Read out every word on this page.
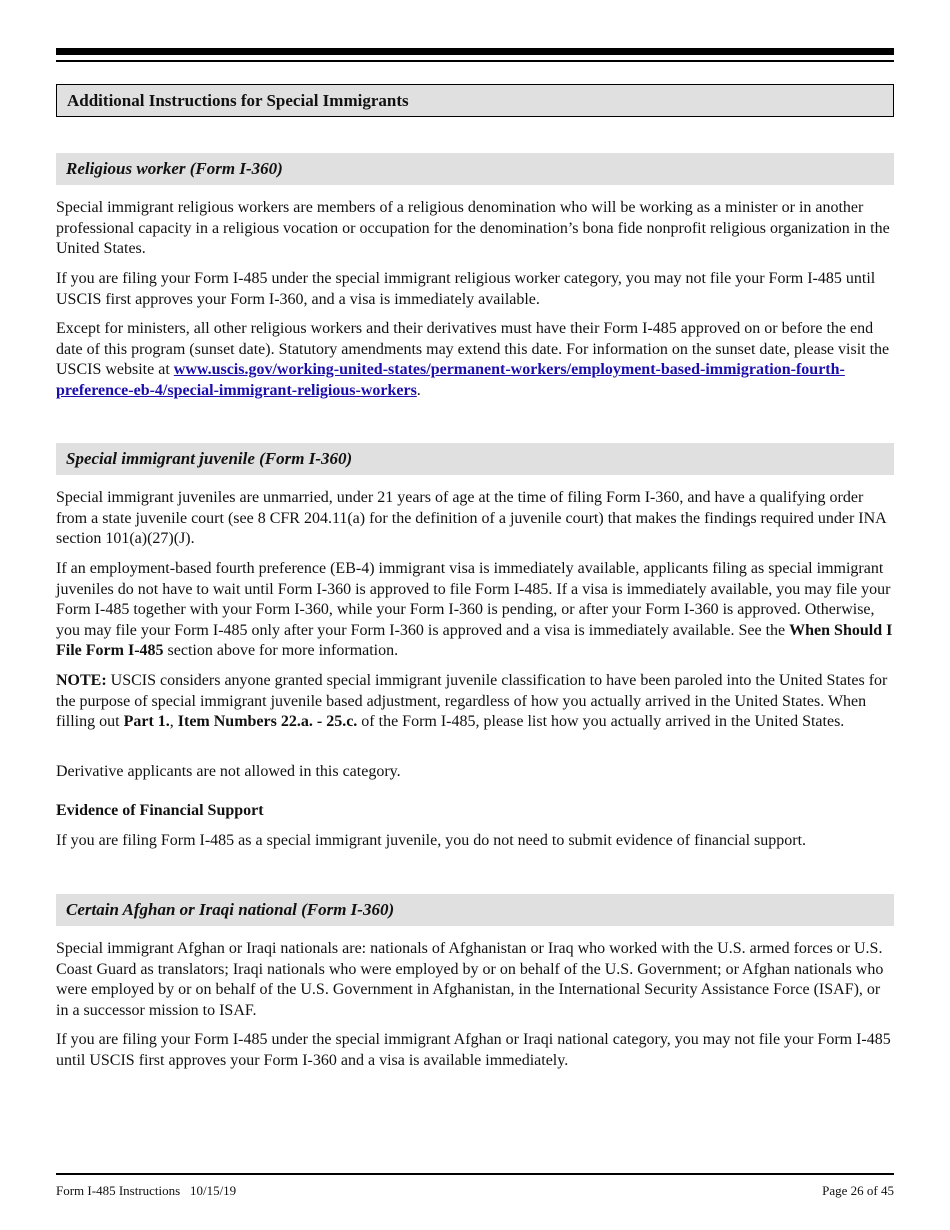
Additional Instructions for Special Immigrants
Religious worker (Form I-360)

Special immigrant religious workers are members of a religious denomination who will be working as a minister or in another professional capacity in a religious vocation or occupation for the denomination’s bona fide nonprofit religious organization in the United States.

If you are filing your Form I-485 under the special immigrant religious worker category, you may not file your Form I-485 until USCIS first approves your Form I-360, and a visa is immediately available.

Except for ministers, all other religious workers and their derivatives must have their Form I-485 approved on or before the end date of this program (sunset date). Statutory amendments may extend this date. For information on the sunset date, please visit the USCIS website at www.uscis.gov/working-united-states/permanent-workers/employment-based-immigration-fourth-preference-eb-4/special-immigrant-religious-workers.

Special immigrant juvenile (Form I-360)

Special immigrant juveniles are unmarried, under 21 years of age at the time of filing Form I-360, and have a qualifying order from a state juvenile court (see 8 CFR 204.11(a) for the definition of a juvenile court) that makes the findings required under INA section 101(a)(27)(J).

If an employment-based fourth preference (EB-4) immigrant visa is immediately available, applicants filing as special immigrant juveniles do not have to wait until Form I-360 is approved to file Form I-485. If a visa is immediately available, you may file your Form I-485 together with your Form I-360, while your Form I-360 is pending, or after your Form I-360 is approved. Otherwise, you may file your Form I-485 only after your Form I-360 is approved and a visa is immediately available. See the When Should I File Form I-485 section above for more information.

NOTE: USCIS considers anyone granted special immigrant juvenile classification to have been paroled into the United States for the purpose of special immigrant juvenile based adjustment, regardless of how you actually arrived in the United States. When filling out Part 1., Item Numbers 22.a. - 25.c. of the Form I-485, please list how you actually arrived in the United States.

Derivative applicants are not allowed in this category.

Evidence of Financial Support

If you are filing Form I-485 as a special immigrant juvenile, you do not need to submit evidence of financial support.

Certain Afghan or Iraqi national (Form I-360)

Special immigrant Afghan or Iraqi nationals are: nationals of Afghanistan or Iraq who worked with the U.S. armed forces or U.S. Coast Guard as translators; Iraqi nationals who were employed by or on behalf of the U.S. Government; or Afghan nationals who were employed by or on behalf of the U.S. Government in Afghanistan, in the International Security Assistance Force (ISAF), or in a successor mission to ISAF.

If you are filing your Form I-485 under the special immigrant Afghan or Iraqi national category, you may not file your Form I-485 until USCIS first approves your Form I-360 and a visa is available immediately.

Form I-485 Instructions   10/15/19	Page 26 of 45
